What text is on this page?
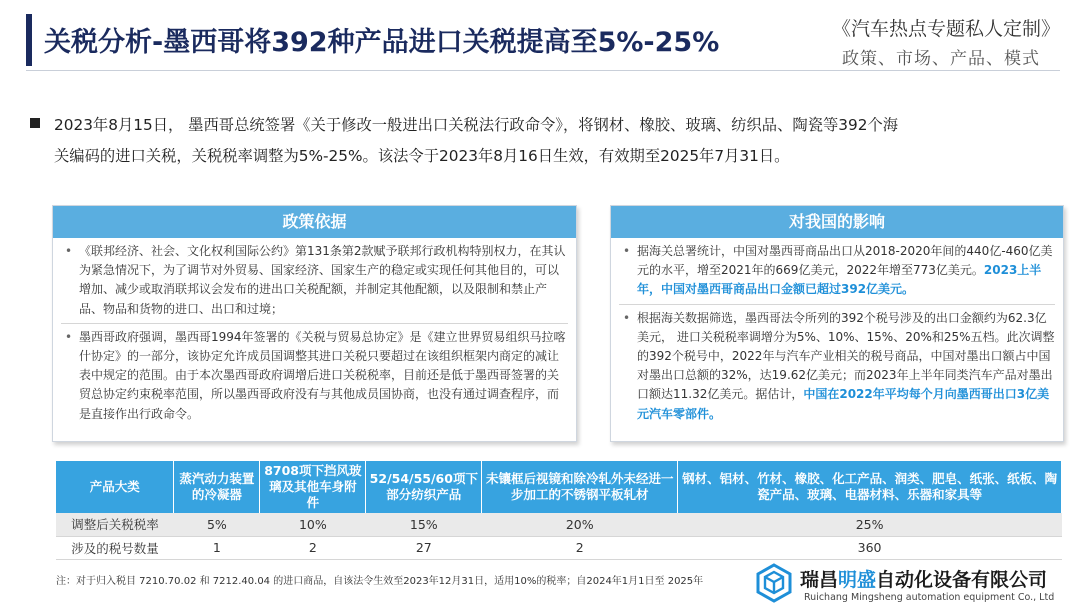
关税分析-墨西哥将392种产品进口关税提高至5%-25%	《汽车热点专题私人定制》
政策、市场、产品、模式
2023年8月15日， 墨西哥总统签署《关于修改一般进出口关税法行政命令》，将钢材、橡胶、玻璃、纺织品、陶瓷等392个海
关编码的进口关税，关税税率调整为5%-25%。该法令于2023年8月16日生效，有效期至2025年7月31日。
政策依据
• 《联邦经济、社会、文化权利国际公约》第131条第2款赋予联邦行政机构特别权力，在其认为紧急情况下，为了调节对外贸易、国家经济、国家生产的稳定或实现任何其他目的，可以增加、减少或取消联邦议会发布的进出口关税配额，并制定其他配额，以及限制和禁止产品、物品和货物的进口、出口和过境；
• 墨西哥政府强调，墨西哥1994年签署的《关税与贸易总协定》是《建立世界贸易组织马拉喀什协定》的一部分，该协定允许成员国调整其进口关税只要超过在该组织框架内商定的减让表中规定的范围。由于本次墨西哥政府调增后进口关税税率，目前还是低于墨西哥签署的关贸总协定约束税率范围，所以墨西哥政府没有与其他成员国协商，也没有通过调查程序，而是直接作出行政命令。
对我国的影响
• 据海关总署统计，中国对墨西哥商品出口从2018-2020年间的440亿-460亿美元的水平，增至2021年的669亿美元，2022年增至773亿美元。2023上半年，中国对墨西哥商品出口金额已超过392亿美元。
• 根据海关数据筛选，墨西哥法令所列的392个税号涉及的出口金额约为62.3亿美元， 进口关税税率调增分为5%、10%、15%、20%和25%五档。此次调整的392个税号中，2022年与汽车产业相关的税号商品，中国对墨出口额占中国对墨出口总额的32%，达19.62亿美元；而2023年上半年同类汽车产品对墨出口额达11.32亿美元。据估计，中国在2022年平均每个月向墨西哥出口3亿美元汽车零部件。
产品大类	蒸汽动力装置的冷凝器	8708项下挡风玻璃及其他车身附件	52/54/55/60项下部分纺织产品	未镶框后视镜和除冷轧外未经进一步加工的不锈钢平板轧材	钢材、铝材、竹材、橡胶、化工产品、润类、肥皂、纸张、纸板、陶瓷产品、玻璃、电器材料、乐器和家具等
调整后关税税率	5%	10%	15%	20%	25%
涉及的税号数量	1	2	27	2	360
注：对于归入税目 7210.70.02 和 7212.40.04 的进口商品，自该法令生效至2023年12月31日，适用10%的税率；自2024年1月1日至 2025年	瑞昌明盛自动化设备有限公司
Ruichang Mingsheng automation equipment Co., Ltd
